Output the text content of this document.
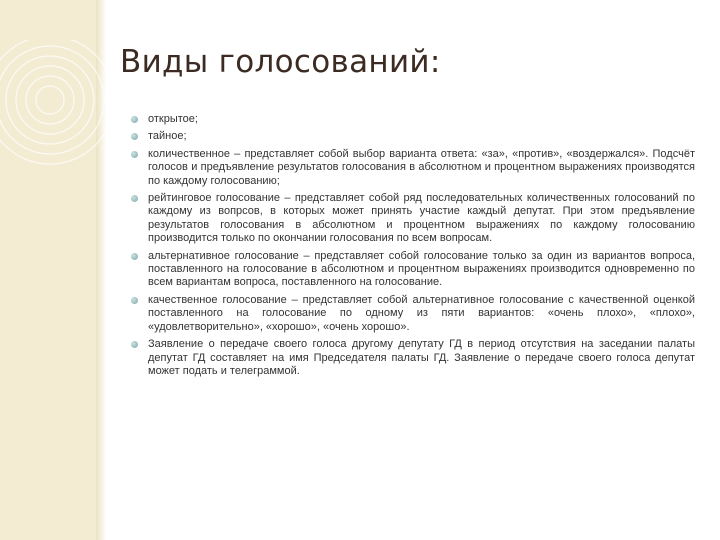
Виды голосований:
открытое;
тайное;
количественное – представляет собой выбор варианта ответа: «за», «против», «воздержался». Подсчёт голосов и предъявление результатов голосования в абсолютном и процентном выражениях производятся по каждому голосованию;
рейтинговое голосование – представляет собой ряд последовательных количественных голосований по каждому из вопрсов, в которых может принять участие каждый депутат. При этом предъявление результатов голосования в абсолютном и процентном выражениях по каждому голосованию производится только по окончании голосования по всем вопросам.
альтернативное голосование – представляет собой голосование только за один из вариантов вопроса, поставленного на голосование в абсолютном и процентном выражениях производится одновременно по всем вариантам вопроса, поставленного на голосование.
качественное голосование – представляет собой альтернативное голосование с качественной оценкой поставленного на голосование по одному из пяти вариантов: «очень плохо», «плохо», «удовлетворительно», «хорошо», «очень хорошо».
Заявление о передаче своего голоса другому депутату ГД в период отсутствия на заседании палаты депутат ГД составляет на имя Председателя палаты ГД. Заявление о передаче своего голоса депутат может подать и телеграммой.
